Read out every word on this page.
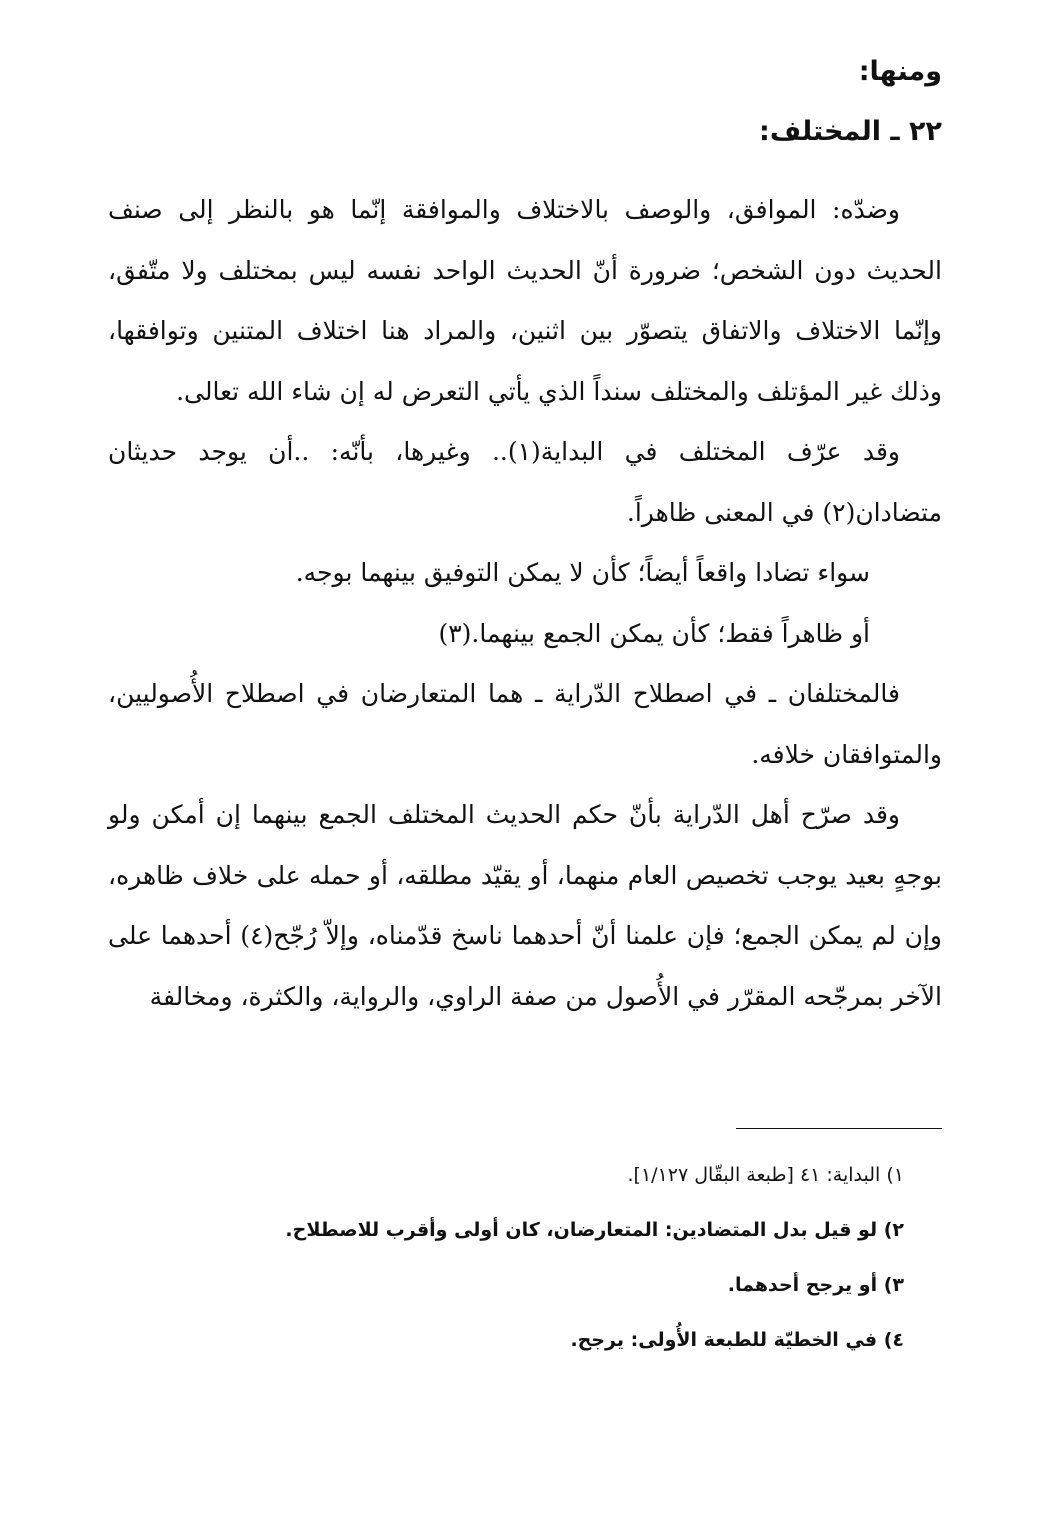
ومنها:
٢٢ ـ المختلف:

وضدّه: الموافق، والوصف بالاختلاف والموافقة إنّما هو بالنظر إلى صنف الحديث دون الشخص؛ ضرورة أنّ الحديث الواحد نفسه ليس بمختلف ولا متّفق، وإنّما الاختلاف والاتفاق يتصوّر بين اثنين، والمراد هنا اختلاف المتنين وتوافقها، وذلك غير المؤتلف والمختلف سنداً الذي يأتي التعرض له إن شاء الله تعالى.

وقد عرّف المختلف في البداية(١).. وغيرها، بأنّه: ..أن يوجد حديثان متضادان(٢) في المعنى ظاهراً.

سواء تضادا واقعاً أيضاً؛ كأن لا يمكن التوفيق بينهما بوجه.

أو ظاهراً فقط؛ كأن يمكن الجمع بينهما.(٣)

فالمختلفان ـ في اصطلاح الدّراية ـ هما المتعارضان في اصطلاح الأُصوليين، والمتوافقان خلافه.

وقد صرّح أهل الدّراية بأنّ حكم الحديث المختلف الجمع بينهما إن أمكن ولو بوجهٍ بعيد يوجب تخصيص العام منهما، أو يقيّد مطلقه، أو حمله على خلاف ظاهره، وإن لم يمكن الجمع؛ فإن علمنا أنّ أحدهما ناسخ قدّمناه، وإلاّ رُجّح(٤) أحدهما على الآخر بمرجّحه المقرّر في الأُصول من صفة الراوي، والرواية، والكثرة، ومخالفة

١) البداية: ٤١ [طبعة البقّال ١/١٢٧].

٢) لو قيل بدل المتضادين: المتعارضان، كان أولى وأقرب للاصطلاح.

٣) أو يرجح أحدهما.

٤) في الخطيّة للطبعة الأُولى: يرجح.
